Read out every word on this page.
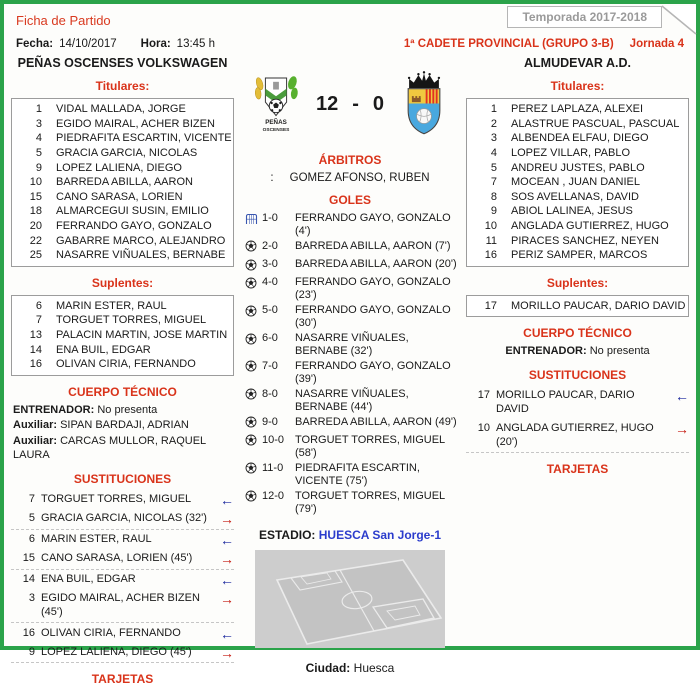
Ficha de Partido	Temporada 2017-2018
Fecha: 14/10/2017 Hora: 13:45 h	1ª CADETE PROVINCIAL (GRUPO 3-B) Jornada 4
PEÑAS OSCENSES VOLKSWAGEN
Titulares:
1	VIDAL MALLADA, JORGE
3	EGIDO MAIRAL, ACHER BIZEN
4	PIEDRAFITA ESCARTIN, VICENTE
5	GRACIA GARCIA, NICOLAS
9	LOPEZ LALIENA, DIEGO
10	BARREDA ABILLA, AARON
15	CANO SARASA, LORIEN
18	ALMARCEGUI SUSIN, EMILIO
20	FERRANDO GAYO, GONZALO
22	GABARRE MARCO, ALEJANDRO
25	NASARRE VIÑUALES, BERNABE
Suplentes:
6	MARIN ESTER, RAUL
7	TORGUET TORRES, MIGUEL
13	PALACIN MARTIN, JOSE MARTIN
14	ENA BUIL, EDGAR
16	OLIVAN CIRIA, FERNANDO
CUERPO TÉCNICO
ENTRENADOR: No presenta
Auxiliar: SIPAN BARDAJI, ADRIAN
Auxiliar: CARCAS MULLOR, RAQUEL LAURA
SUSTITUCIONES
7 TORGUET TORRES, MIGUEL	←
5 GRACIA GARCIA, NICOLAS (32') →
6 MARIN ESTER, RAUL	←
15 CANO SARASA, LORIEN (45')	→
14 ENA BUIL, EDGAR	←
3 EGIDO MAIRAL, ACHER BIZEN (45')
→
16 OLIVAN CIRIA, FERNANDO	←
9 LOPEZ LALIENA, DIEGO (45')	→
TARJETAS
PEÑAS
OSCENSES
12 - 0
ÁRBITROS
: GOMEZ AFONSO, RUBEN
GOLES
1-0	FERRANDO GAYO, GONZALO (4')
2-0	BARREDA ABILLA, AARON (7')
3-0	BARREDA ABILLA, AARON (20')
4-0	FERRANDO GAYO, GONZALO (23')
5-0	FERRANDO GAYO, GONZALO (30')
6-0	NASARRE VIÑUALES, BERNABE (32')
7-0	FERRANDO GAYO, GONZALO (39')
8-0	NASARRE VIÑUALES, BERNABE (44')
9-0	BARREDA ABILLA, AARON (49')
10-0 TORGUET TORRES, MIGUEL (58')
11-0	PIEDRAFITA ESCARTIN, VICENTE (75')
12-0 TORGUET TORRES, MIGUEL (79')
ESTADIO: HUESCA San Jorge-1
Ciudad: Huesca
ALMUDEVAR A.D.
Titulares:
1	PEREZ LAPLAZA, ALEXEI
2	ALASTRUE PASCUAL, PASCUAL
3	ALBENDEA ELFAU, DIEGO
4	LOPEZ VILLAR, PABLO
5	ANDREU JUSTES, PABLO
7	MOCEAN , JUAN DANIEL
8	SOS AVELLANAS, DAVID
9	ABIOL LALINEA, JESUS
10	ANGLADA GUTIERREZ, HUGO
11	PIRACES SANCHEZ, NEYEN
16	PERIZ SAMPER, MARCOS
Suplentes:
17	MORILLO PAUCAR, DARIO DAVID
CUERPO TÉCNICO
ENTRENADOR: No presenta
SUSTITUCIONES
17 MORILLO PAUCAR, DARIO DAVID
←
10 ANGLADA GUTIERREZ, HUGO (20')
→
TARJETAS
